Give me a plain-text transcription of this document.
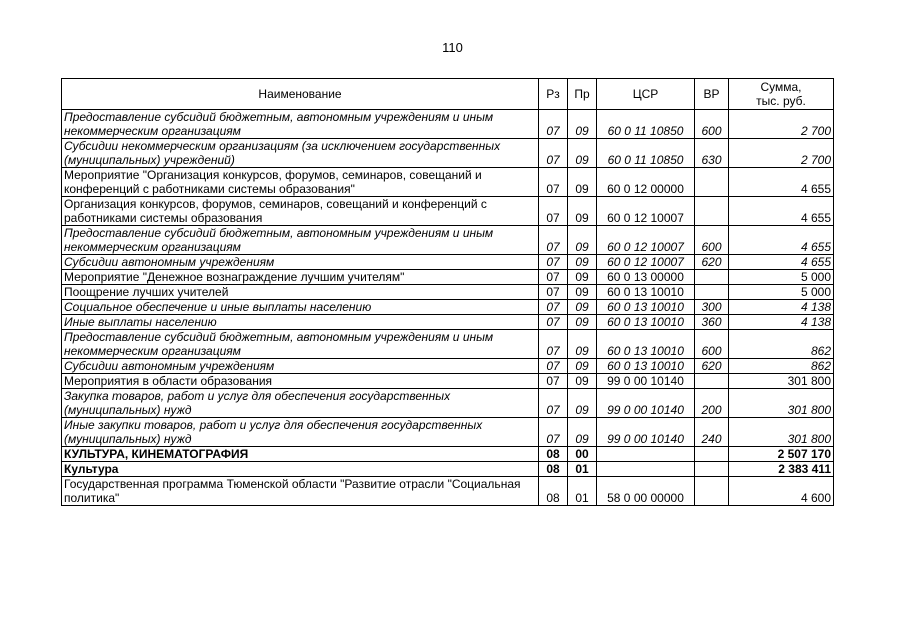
110
Наименование	Рз	Пр	ЦСР	ВР	Сумма,
тыс. руб.

Предоставление субсидий бюджетным, автономным учреждениям и иным некоммерческим организациям	07	09	60 0 11 10850	600	2 700
Субсидии некоммерческим организациям (за исключением государственных (муниципальных) учреждений)	07	09	60 0 11 10850	630	2 700
Мероприятие "Организация конкурсов, форумов, семинаров, совещаний и конференций с работниками системы образования"	07	09	60 0 12 00000		4 655
Организация конкурсов, форумов, семинаров, совещаний и конференций с работниками системы образования	07	09	60 0 12 10007		4 655
Предоставление субсидий бюджетным, автономным учреждениям и иным некоммерческим организациям	07	09	60 0 12 10007	600	4 655
Субсидии автономным учреждениям	07	09	60 0 12 10007	620	4 655
Мероприятие "Денежное вознаграждение лучшим учителям"	07	09	60 0 13 00000		5 000
Поощрение лучших учителей	07	09	60 0 13 10010		5 000
Социальное обеспечение и иные выплаты населению	07	09	60 0 13 10010	300	4 138
Иные выплаты населению	07	09	60 0 13 10010	360	4 138
Предоставление субсидий бюджетным, автономным учреждениям и иным некоммерческим организациям	07	09	60 0 13 10010	600	862
Субсидии автономным учреждениям	07	09	60 0 13 10010	620	862
Мероприятия в области образования	07	09	99 0 00 10140		301 800
Закупка товаров, работ и услуг для обеспечения государственных (муниципальных) нужд	07	09	99 0 00 10140	200	301 800
Иные закупки товаров, работ и услуг для обеспечения государственных (муниципальных) нужд	07	09	99 0 00 10140	240	301 800
КУЛЬТУРА, КИНЕМАТОГРАФИЯ	08	00			2 507 170
Культура	08	01			2 383 411
Государственная программа Тюменской области "Развитие отрасли "Социальная политика"	08	01	58 0 00 00000		4 600
